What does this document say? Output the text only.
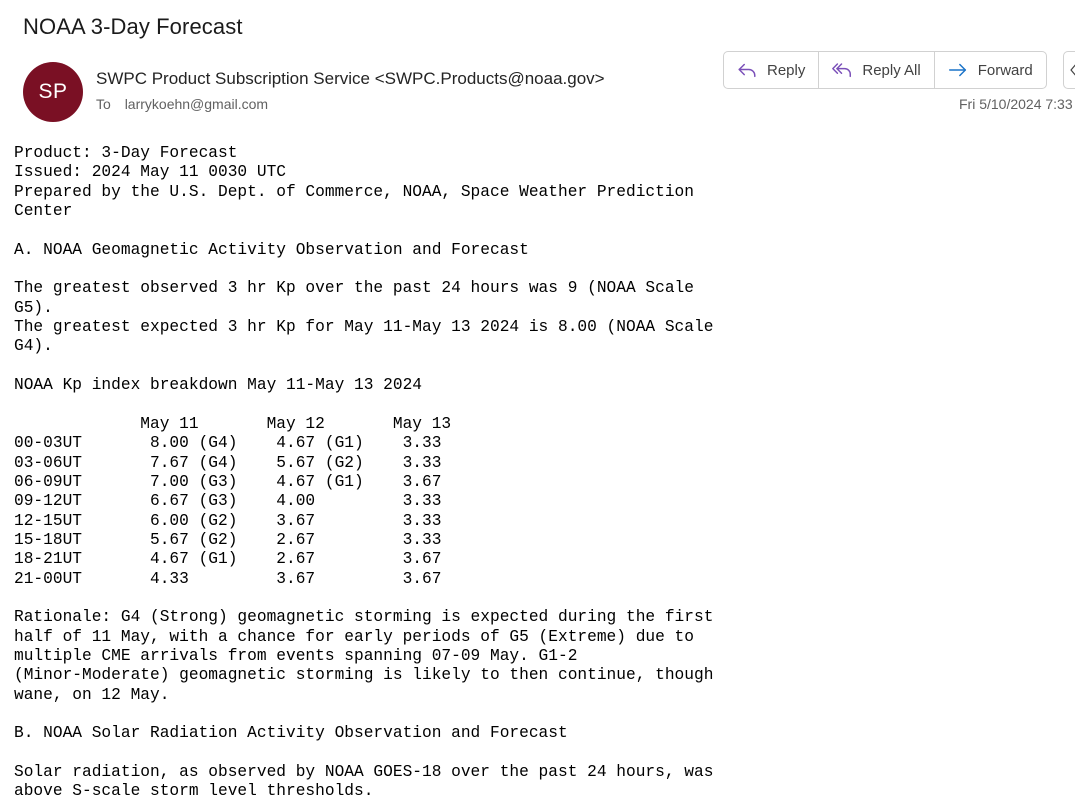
NOAA 3-Day Forecast
SP
SWPC Product Subscription Service <SWPC.Products@noaa.gov>
To larrykoehn@gmail.com
Reply	Reply All	Forward
Fri 5/10/2024 7:33
Product: 3-Day Forecast
Issued: 2024 May 11 0030 UTC
Prepared by the U.S. Dept. of Commerce, NOAA, Space Weather Prediction
Center

A. NOAA Geomagnetic Activity Observation and Forecast

The greatest observed 3 hr Kp over the past 24 hours was 9 (NOAA Scale
G5).
The greatest expected 3 hr Kp for May 11-May 13 2024 is 8.00 (NOAA Scale
G4).

NOAA Kp index breakdown May 11-May 13 2024

May 11       May 12       May 13
00-03UT       8.00 (G4)    4.67 (G1)    3.33
03-06UT       7.67 (G4)    5.67 (G2)    3.33
06-09UT       7.00 (G3)    4.67 (G1)    3.67
09-12UT       6.67 (G3)    4.00         3.33
12-15UT       6.00 (G2)    3.67         3.33
15-18UT       5.67 (G2)    2.67         3.33
18-21UT       4.67 (G1)    2.67         3.67
21-00UT       4.33         3.67         3.67

Rationale: G4 (Strong) geomagnetic storming is expected during the first
half of 11 May, with a chance for early periods of G5 (Extreme) due to
multiple CME arrivals from events spanning 07-09 May. G1-2
(Minor-Moderate) geomagnetic storming is likely to then continue, though
wane, on 12 May.

B. NOAA Solar Radiation Activity Observation and Forecast

Solar radiation, as observed by NOAA GOES-18 over the past 24 hours, was
above S-scale storm level thresholds.
